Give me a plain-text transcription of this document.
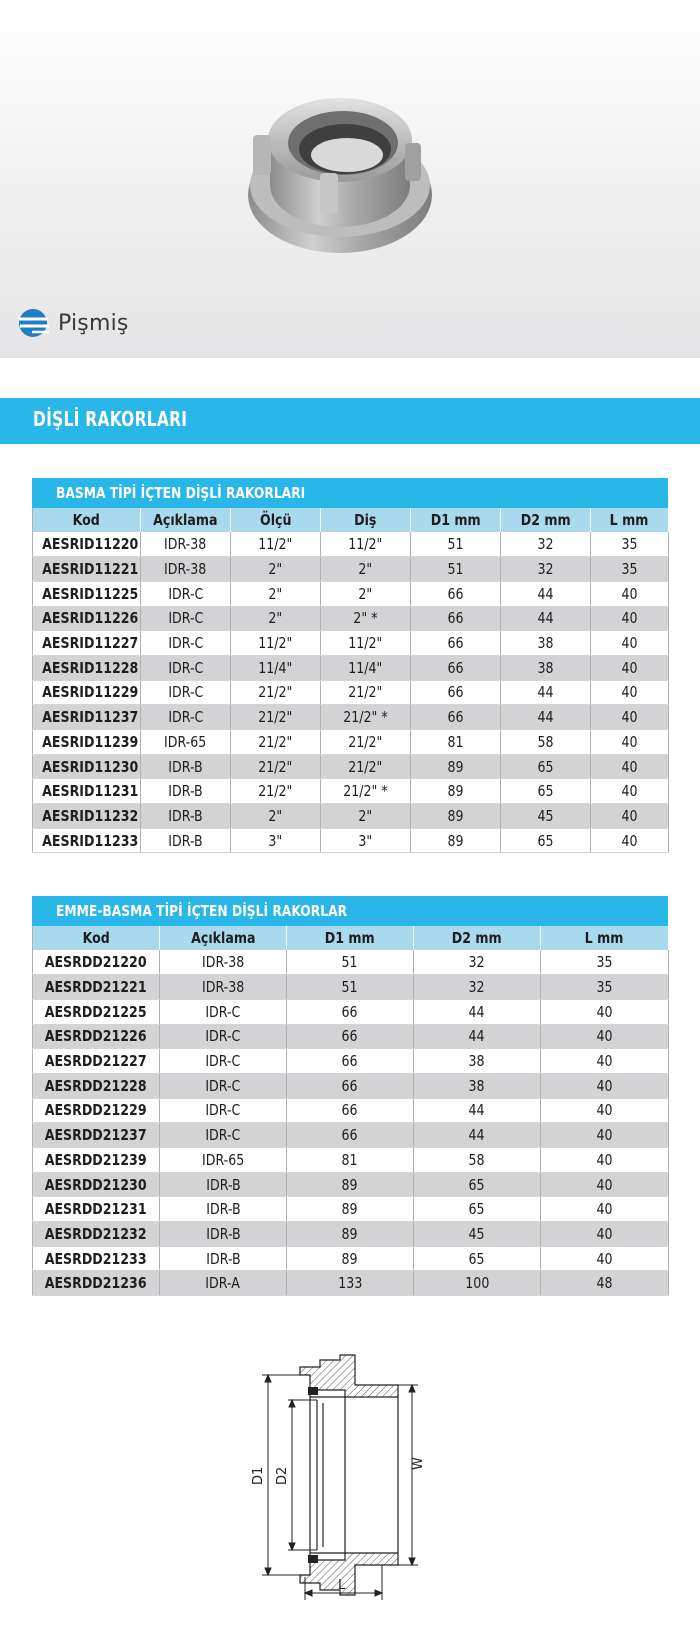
Pişmiş
DİŞLİ RAKORLARI
BASMA TİPİ İÇTEN DİŞLİ RAKORLARI
Kod	Açıklama	Ölçü	Diş	D1 mm	D2 mm	L mm
AESRID11220	IDR-38	11/2"	11/2"	51	32	35
AESRID11221	IDR-38	2"	2"	51	32	35
AESRID11225	IDR-C	2"	2"	66	44	40
AESRID11226	IDR-C	2"	2" *	66	44	40
AESRID11227	IDR-C	11/2"	11/2"	66	38	40
AESRID11228	IDR-C	11/4"	11/4"	66	38	40
AESRID11229	IDR-C	21/2"	21/2"	66	44	40
AESRID11237	IDR-C	21/2"	21/2" *	66	44	40
AESRID11239	IDR-65	21/2"	21/2"	81	58	40
AESRID11230	IDR-B	21/2"	21/2"	89	65	40
AESRID11231	IDR-B	21/2"	21/2" *	89	65	40
AESRID11232	IDR-B	2"	2"	89	45	40
AESRID11233	IDR-B	3"	3"	89	65	40
EMME-BASMA TİPİ İÇTEN DİŞLİ RAKORLAR
Kod	Açıklama	D1 mm	D2 mm	L mm
AESRDD21220	IDR-38	51	32	35
AESRDD21221	IDR-38	51	32	35
AESRDD21225	IDR-C	66	44	40
AESRDD21226	IDR-C	66	44	40
AESRDD21227	IDR-C	66	38	40
AESRDD21228	IDR-C	66	38	40
AESRDD21229	IDR-C	66	44	40
AESRDD21237	IDR-C	66	44	40
AESRDD21239	IDR-65	81	58	40
AESRDD21230	IDR-B	89	65	40
AESRDD21231	IDR-B	89	65	40
AESRDD21232	IDR-B	89	45	40
AESRDD21233	IDR-B	89	65	40
AESRDD21236	IDR-A	133	100	48
D1 D2
W
L
